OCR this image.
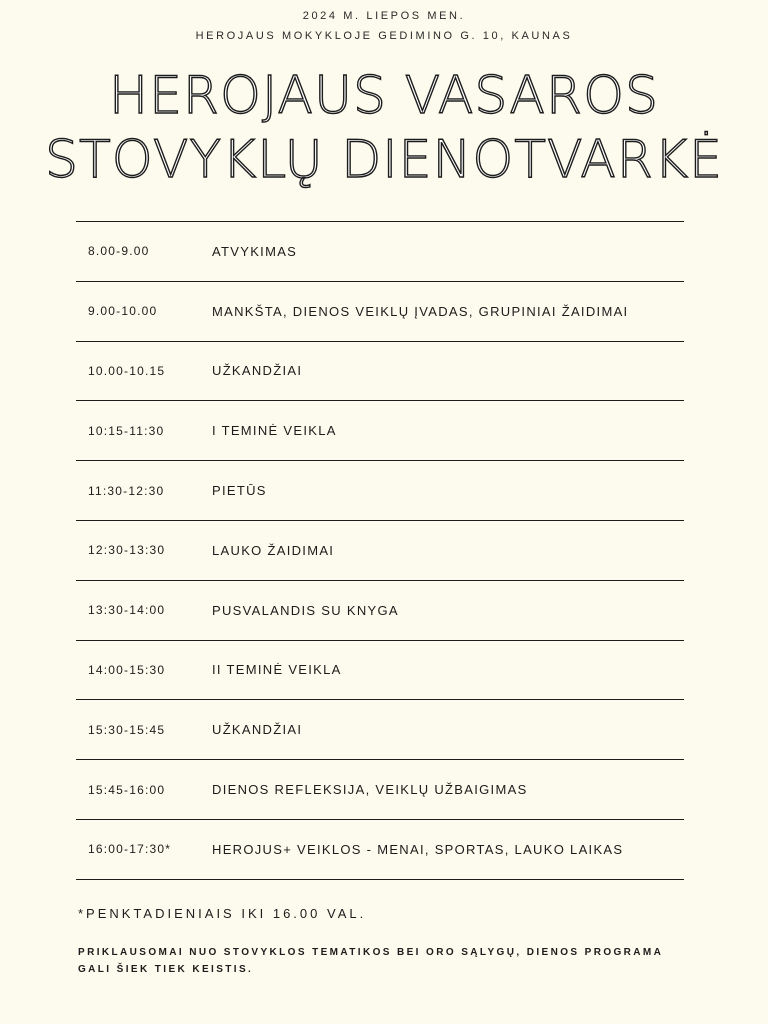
2024 M. LIEPOS MEN.
HEROJAUS MOKYKLOJE GEDIMINO G. 10, KAUNAS
HEROJAUS VASAROS
STOVYKLŲ DIENOTVARKĖ
8.00-9.00	ATVYKIMAS
9.00-10.00	MANKŠTA, DIENOS VEIKLŲ ĮVADAS, GRUPINIAI ŽAIDIMAI
10.00-10.15	UŽKANDŽIAI
10:15-11:30	I TEMINĖ VEIKLA
11:30-12:30	PIETŪS
12:30-13:30	LAUKO ŽAIDIMAI
13:30-14:00	PUSVALANDIS SU KNYGA
14:00-15:30	II TEMINĖ VEIKLA
15:30-15:45	UŽKANDŽIAI
15:45-16:00	DIENOS REFLEKSIJA, VEIKLŲ UŽBAIGIMAS
16:00-17:30*	HEROJUS+ VEIKLOS - MENAI, SPORTAS, LAUKO LAIKAS
*PENKTADIENIAIS IKI 16.00 VAL.
PRIKLAUSOMAI NUO STOVYKLOS TEMATIKOS BEI ORO SĄLYGŲ, DIENOS PROGRAMA GALI ŠIEK TIEK KEISTIS.
